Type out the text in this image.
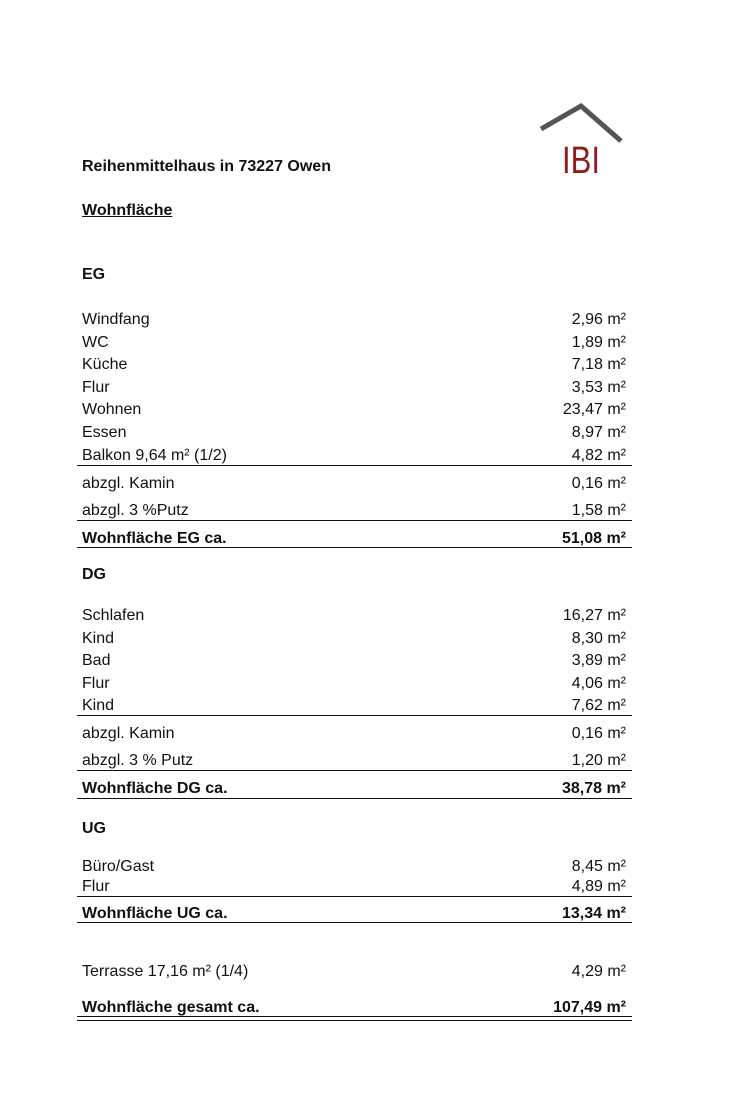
IBI
Reihenmittelhaus in 73227 Owen
Wohnfläche
EG
Windfang	2,96 m²
WC	1,89 m²
Küche	7,18 m²
Flur	3,53 m²
Wohnen	23,47 m²
Essen	8,97 m²
Balkon 9,64 m² (1/2)	4,82 m²
abzgl. Kamin	0,16 m²
abzgl. 3 %Putz	1,58 m²
Wohnfläche EG ca.	51,08 m²
DG
Schlafen	16,27 m²
Kind	8,30 m²
Bad	3,89 m²
Flur	4,06 m²
Kind	7,62 m²
abzgl. Kamin	0,16 m²
abzgl. 3 % Putz	1,20 m²
Wohnfläche DG ca.	38,78 m²
UG
Büro/Gast	8,45 m²
Flur	4,89 m²
Wohnfläche UG ca.	13,34 m²
Terrasse 17,16 m² (1/4)	4,29 m²
Wohnfläche gesamt ca.	107,49 m²
